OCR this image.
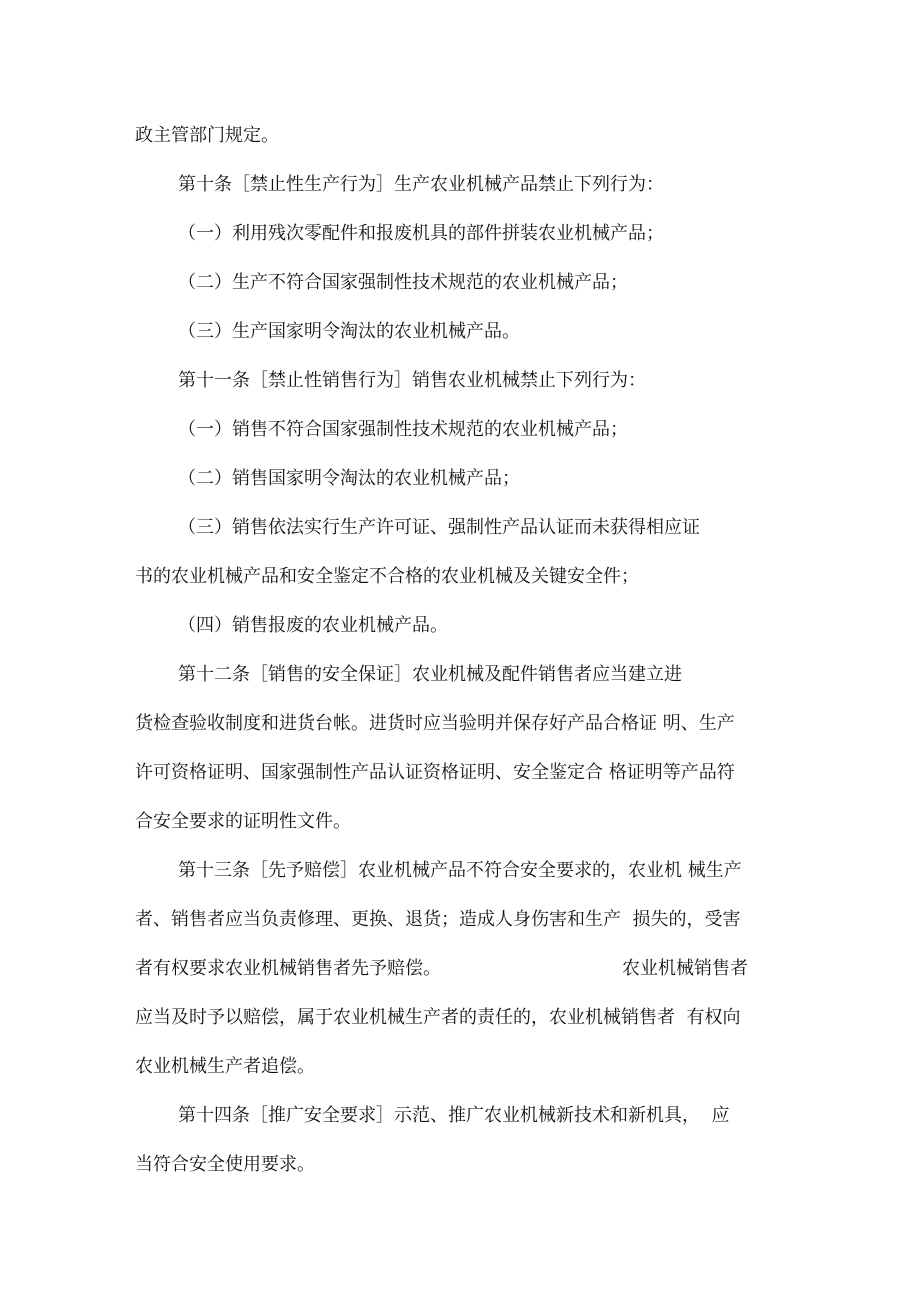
政主管部门规定。
第十条［禁止性生产行为］生产农业机械产品禁止下列行为：
（一）利用残次零配件和报废机具的部件拼装农业机械产品；
（二）生产不符合国家强制性技术规范的农业机械产品；
（三）生产国家明令淘汰的农业机械产品。
第十一条［禁止性销售行为］销售农业机械禁止下列行为：
（一）销售不符合国家强制性技术规范的农业机械产品；
（二）销售国家明令淘汰的农业机械产品；
（三）销售依法实行生产许可证、强制性产品认证而未获得相应证
书的农业机械产品和安全鉴定不合格的农业机械及关键安全件；
（四）销售报废的农业机械产品。
第十二条［销售的安全保证］农业机械及配件销售者应当建立进
货检查验收制度和进货台帐。进货时应当验明并保存好产品合格证 明、生产
许可资格证明、国家强制性产品认证资格证明、安全鉴定合 格证明等产品符
合安全要求的证明性文件。
第十三条［先予赔偿］农业机械产品不符合安全要求的，农业机 械生产
者、销售者应当负责修理、更换、退货；造成人身伤害和生产  损失的，受害
者有权要求农业机械销售者先予赔偿。	农业机械销售者
应当及时予以赔偿，属于农业机械生产者的责任的，农业机械销售者  有权向
农业机械生产者追偿。
第十四条［推广安全要求］示范、推广农业机械新技术和新机具，  应
当符合安全使用要求。
